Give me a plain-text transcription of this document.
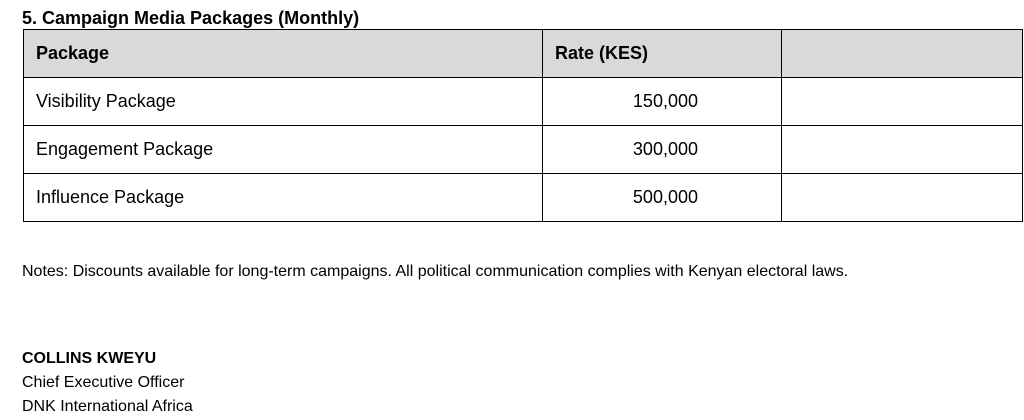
5. Campaign Media Packages (Monthly)
Package	Rate (KES)	
Visibility Package	150,000	
Engagement Package	300,000	
Influence Package	500,000	
Notes: Discounts available for long-term campaigns. All political communication complies with Kenyan electoral laws.
COLLINS KWEYU
Chief Executive Officer
DNK International Africa
